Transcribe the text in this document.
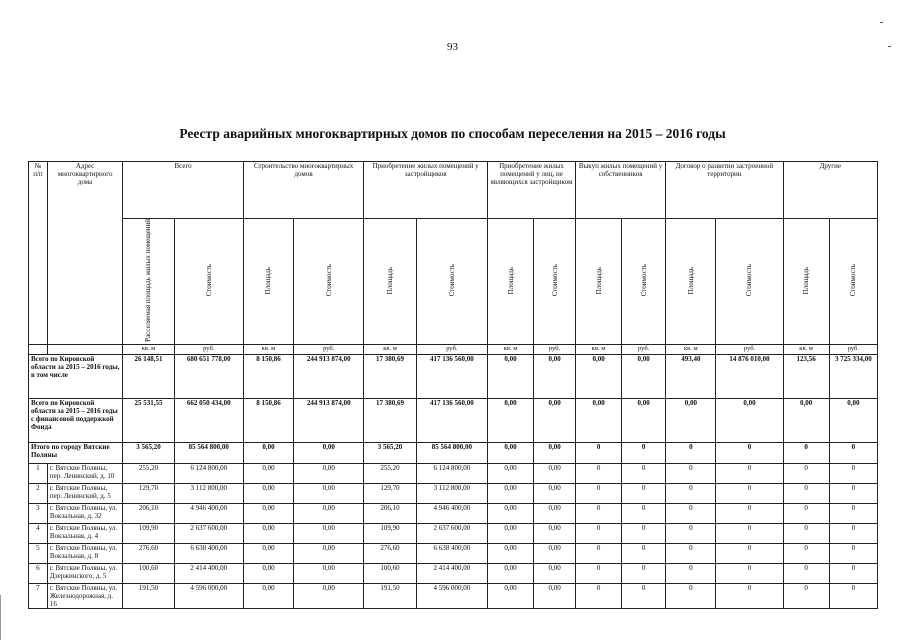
93
Реестр аварийных многоквартирных домов по способам переселения на 2015 – 2016 годы
№ п/п	Адрес многоквартирного дома	Всего		Строительство многоквартирных домов		Приобретение жилых помещений у застройщиков		Приобретение жилых помещений у лиц, не являющихся застройщиком		Выкуп жилых помещений у собственников		Договор о развитии застроенной территории		Другие	
		Расселяемая площадь жилых помещений	Стоимость	Площадь	Стоимость	Площадь	Стоимость	Площадь	Стоимость	Площадь	Стоимость	Площадь	Стоимость	Площадь	Стоимость
		кв. м	руб.	кв. м	руб.	кв. м	руб.	кв. м	руб.	кв. м	руб.	кв. м	руб.	кв. м	руб.
Всего по Кировской области за 2015 – 2016 годы, в том числе		26 148,51	680 651 778,00	8 150,86	244 913 874,00	17 380,69	417 136 560,00	0,00	0,00	0,00	0,00	493,40	14 876 010,00	123,56	3 725 334,00
Всего по Кировской области за 2015 – 2016 годы с финансовой поддержкой Фонда		25 531,55	662 050 434,00	8 150,86	244 913 874,00	17 380,69	417 136 560,00	0,00	0,00	0,00	0,00	0,00	0,00	0,00	0,00
Итого по городу Вятские Поляны		3 565,20	85 564 800,00	0,00	0,00	3 565,20	85 564 800,00	0,00	0,00	0	0	0	0	0	0
1	г. Вятские Поляны, пер. Ленинский, д. 10	255,20	6 124 800,00	0,00	0,00	255,20	6 124 800,00	0,00	0,00	0	0	0	0	0	0
2	г. Вятские Поляны, пер. Ленинский, д. 5	129,70	3 112 800,00	0,00	0,00	129,70	3 112 800,00	0,00	0,00	0	0	0	0	0	0
3	г. Вятские Поляны, ул. Вокзальная, д. 32	206,10	4 946 400,00	0,00	0,00	206,10	4 946 400,00	0,00	0,00	0	0	0	0	0	0
4	г. Вятские Поляны, ул. Вокзальная, д. 4	109,90	2 637 600,00	0,00	0,00	109,90	2 637 600,00	0,00	0,00	0	0	0	0	0	0
5	г. Вятские Поляны, ул. Вокзальная, д. 8	276,60	6 638 400,00	0,00	0,00	276,60	6 638 400,00	0,00	0,00	0	0	0	0	0	0
6	г. Вятские Поляны, ул. Дзержинского, д. 5	100,60	2 414 400,00	0,00	0,00	100,60	2 414 400,00	0,00	0,00	0	0	0	0	0	0
7	г. Вятские Поляны, ул. Железнодорожная, д. 16	191,50	4 596 000,00	0,00	0,00	191,50	4 596 000,00	0,00	0,00	0	0	0	0	0	0
